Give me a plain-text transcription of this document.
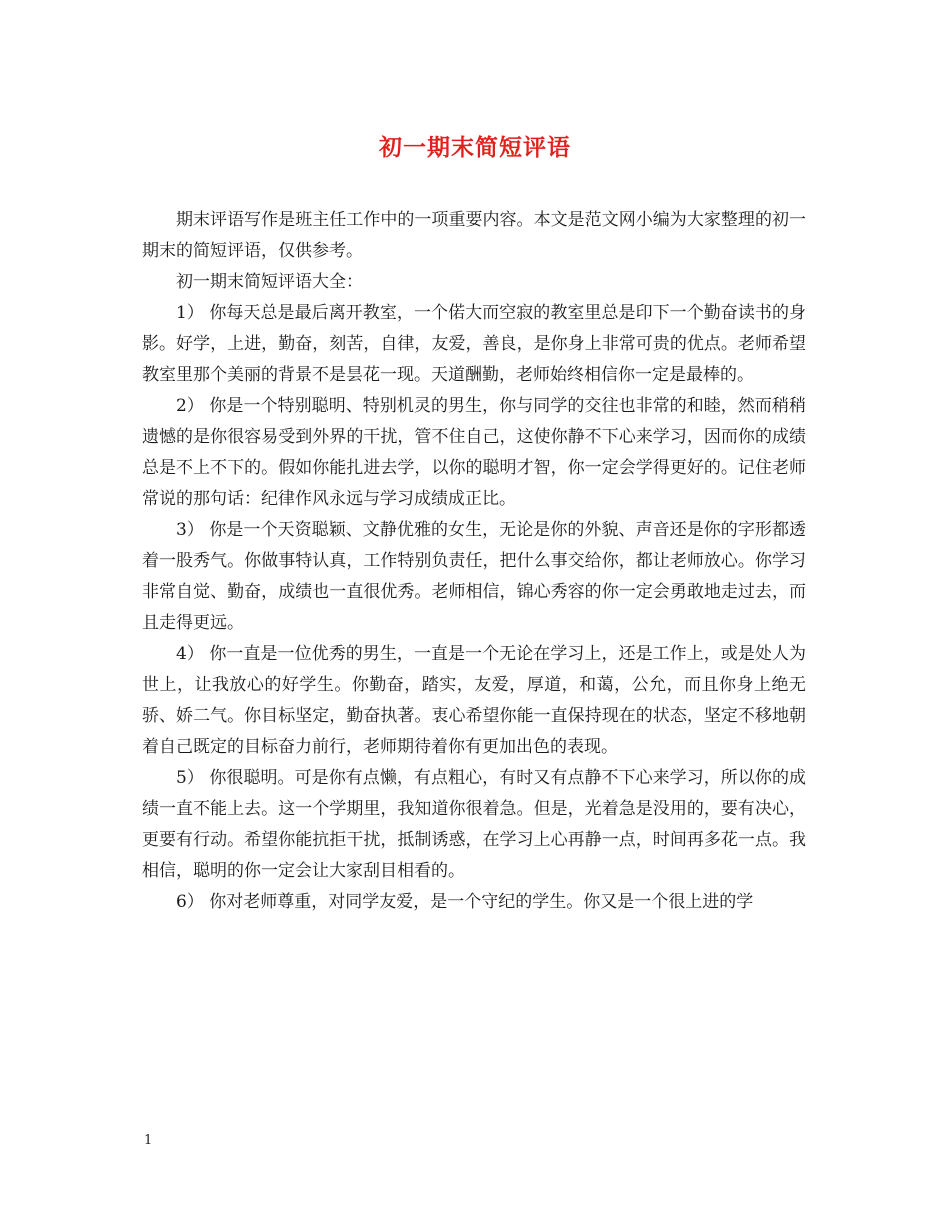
初一期末简短评语

期末评语写作是班主任工作中的一项重要内容。本文是范文网小编为大家整理的初一期末的简短评语，仅供参考。

初一期末简短评语大全：

1） 你每天总是最后离开教室，一个偌大而空寂的教室里总是印下一个勤奋读书的身影。好学，上进，勤奋，刻苦，自律，友爱，善良，是你身上非常可贵的优点。老师希望教室里那个美丽的背景不是昙花一现。天道酬勤，老师始终相信你一定是最棒的。

2） 你是一个特别聪明、特别机灵的男生，你与同学的交往也非常的和睦，然而稍稍遗憾的是你很容易受到外界的干扰，管不住自己，这使你静不下心来学习，因而你的成绩总是不上不下的。假如你能扎进去学，以你的聪明才智，你一定会学得更好的。记住老师常说的那句话：纪律作风永远与学习成绩成正比。

3） 你是一个天资聪颖、文静优雅的女生，无论是你的外貌、声音还是你的字形都透着一股秀气。你做事特认真，工作特别负责任，把什么事交给你，都让老师放心。你学习非常自觉、勤奋，成绩也一直很优秀。老师相信，锦心秀容的你一定会勇敢地走过去，而且走得更远。

4） 你一直是一位优秀的男生，一直是一个无论在学习上，还是工作上，或是处人为世上，让我放心的好学生。你勤奋，踏实，友爱，厚道，和蔼，公允，而且你身上绝无骄、娇二气。你目标坚定，勤奋执著。衷心希望你能一直保持现在的状态，坚定不移地朝着自己既定的目标奋力前行，老师期待着你有更加出色的表现。

5） 你很聪明。可是你有点懒，有点粗心，有时又有点静不下心来学习，所以你的成绩一直不能上去。这一个学期里，我知道你很着急。但是，光着急是没用的，要有决心，更要有行动。希望你能抗拒干扰，抵制诱惑，在学习上心再静一点，时间再多花一点。我相信，聪明的你一定会让大家刮目相看的。

6） 你对老师尊重，对同学友爱，是一个守纪的学生。你又是一个很上进的学

1
